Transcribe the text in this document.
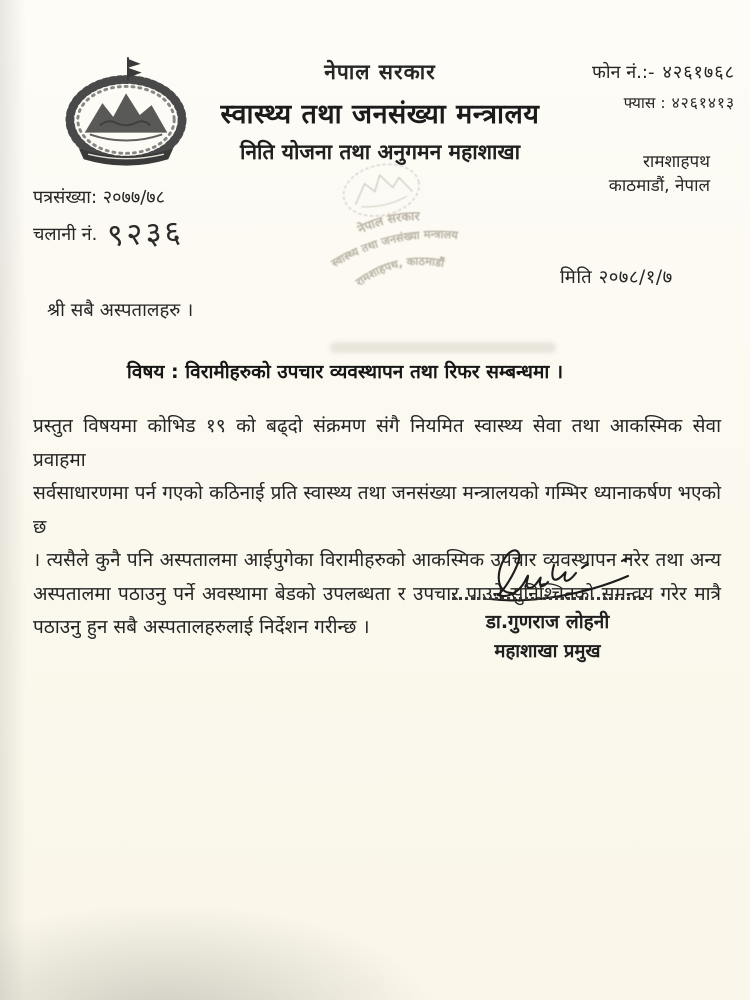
नेपाल सरकार
स्वास्थ्य तथा जनसंख्या मन्त्रालय
निति योजना तथा अनुगमन महाशाखा
फोन नं.:- ४२६१७६८
फ्यास : ४२६१४१३
रामशाहपथ
काठमाडौं, नेपाल
पत्रसंख्या: २०७७/७८
चलानी नं. ९२३६	नेपाल सरकार
स्वास्थ्य तथा जनसंख्या मन्त्रालय
रामशाहपथ, काठमाडौं
मिति २०७८/१/७
श्री सबै अस्पतालहरु ।
विषय : विरामीहरुको उपचार व्यवस्थापन तथा रिफर सम्बन्धमा ।
प्रस्तुत विषयमा कोभिड १९ को बढ्दो संक्रमण संगै नियमित स्वास्थ्य सेवा तथा आकस्मिक सेवा प्रवाहमा
सर्वसाधारणमा पर्न गएको कठिनाई प्रति स्वास्थ्य तथा जनसंख्या मन्त्रालयको गम्भिर ध्यानाकर्षण भएको छ
। त्यसैले कुनै पनि अस्पतालमा आईपुगेका विरामीहरुको आकस्मिक उपचार व्यवस्थापन गरेर तथा अन्य
अस्पतालमा पठाउनु पर्ने अवस्थामा बेडको उपलब्धता र उपचार पाउने सुनिश्चितको समन्वय गरेर मात्रै
पठाउनु हुन सबै अस्पतालहरुलाई निर्देशन गरीन्छ ।	डा.गुणराज लोहनी
महाशाखा प्रमुख
